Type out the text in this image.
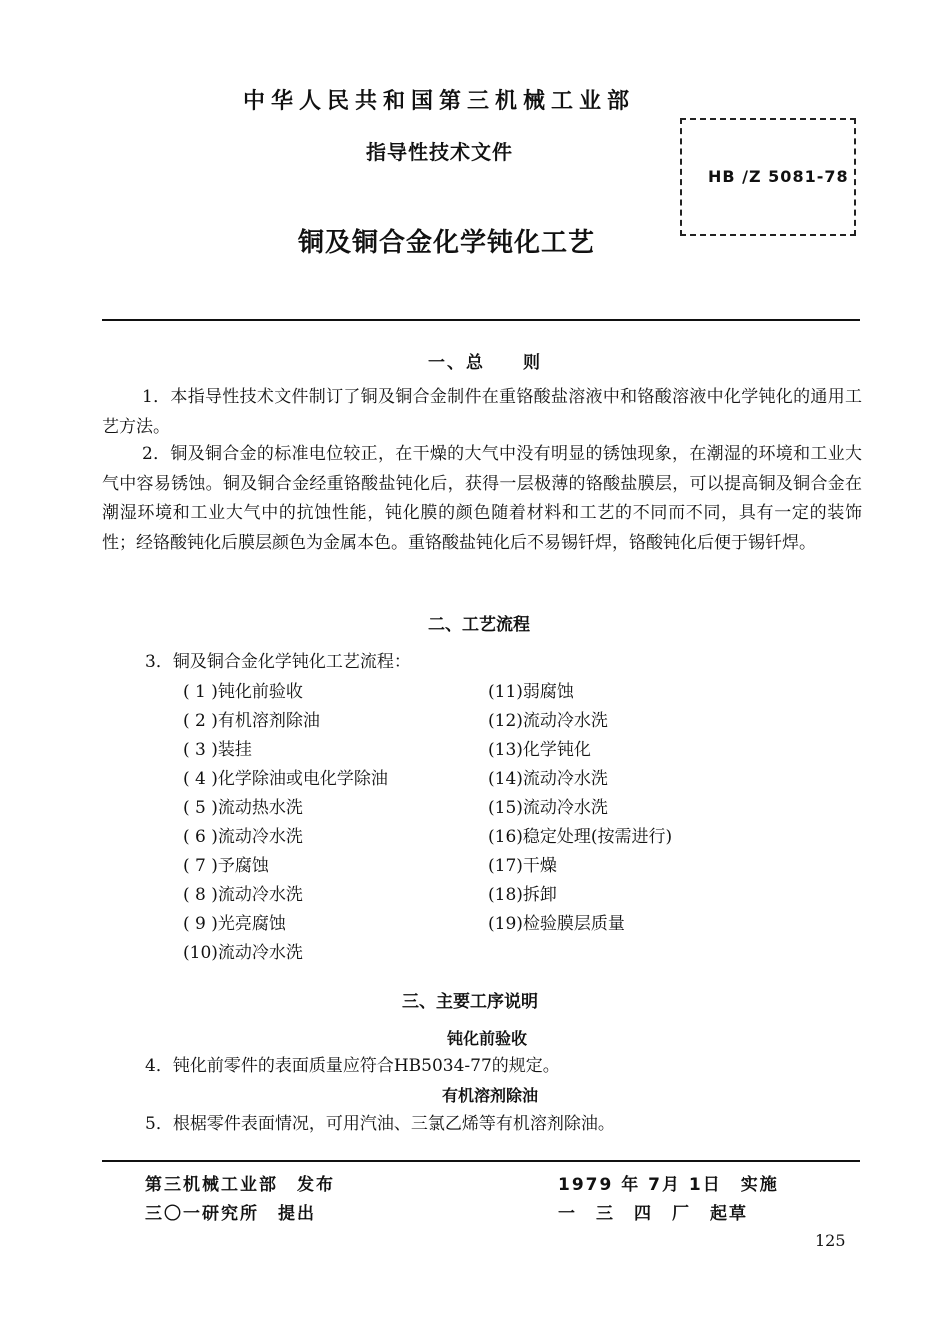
中华人民共和国第三机械工业部
指导性技术文件
HB /Z 5081-78
铜及铜合金化学钝化工艺
一、总　　则
1．本指导性技术文件制订了铜及铜合金制件在重铬酸盐溶液中和铬酸溶液中化学钝化的通用工艺方法。
2．铜及铜合金的标准电位较正，在干燥的大气中没有明显的锈蚀现象，在潮湿的环境和工业大气中容易锈蚀。铜及铜合金经重铬酸盐钝化后，获得一层极薄的铬酸盐膜层，可以提高铜及铜合金在潮湿环境和工业大气中的抗蚀性能，钝化膜的颜色随着材料和工艺的不同而不同，具有一定的装饰性；经铬酸钝化后膜层颜色为金属本色。重铬酸盐钝化后不易锡钎焊，铬酸钝化后便于锡钎焊。
二、工艺流程
3．铜及铜合金化学钝化工艺流程：
( 1 )钝化前验收
( 2 )有机溶剂除油
( 3 )装挂
( 4 )化学除油或电化学除油
( 5 )流动热水洗
( 6 )流动冷水洗
( 7 )予腐蚀
( 8 )流动冷水洗
( 9 )光亮腐蚀
(10)流动冷水洗
(11)弱腐蚀
(12)流动冷水洗
(13)化学钝化
(14)流动冷水洗
(15)流动冷水洗
(16)稳定处理(按需进行)
(17)干燥
(18)拆卸
(19)检验膜层质量
三、主要工序说明
钝化前验收
4．钝化前零件的表面质量应符合HB5034-77的规定。
有机溶剂除油
5．根椐零件表面情况，可用汽油、三氯乙烯等有机溶剂除油。
第三机械工业部　发布
三〇一研究所　提出
1979 年 7月 1日　实施
一　三　四　厂　起草
125
